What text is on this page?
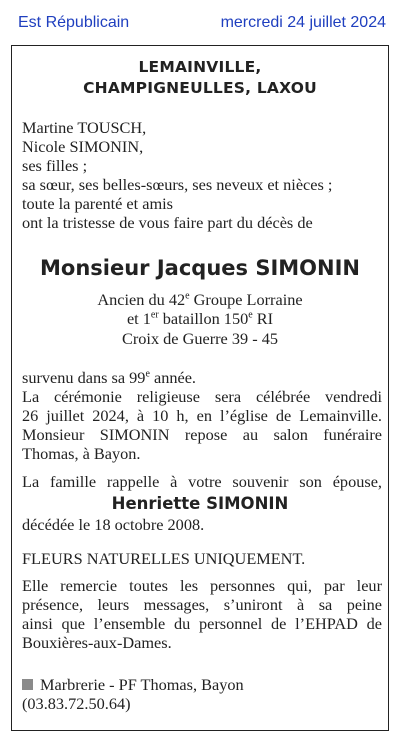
Est Républicain	mercredi 24 juillet 2024
LEMAINVILLE,
CHAMPIGNEULLES, LAXOU
Martine TOUSCH,
Nicole SIMONIN,
ses filles ;
sa sœur, ses belles-sœurs, ses neveux et nièces ;
toute la parenté et amis
ont la tristesse de vous faire part du décès de
Monsieur Jacques SIMONIN
Ancien du 42e Groupe Lorraine
et 1er bataillon 150e RI
Croix de Guerre 39 - 45
survenu dans sa 99e année.
La cérémonie religieuse sera célébrée vendredi
26 juillet 2024, à 10 h, en l’église de Lemainville.
Monsieur SIMONIN repose au salon funéraire
Thomas, à Bayon.
La famille rappelle à votre souvenir son épouse,
Henriette SIMONIN
décédée le 18 octobre 2008.
FLEURS NATURELLES UNIQUEMENT.
Elle remercie toutes les personnes qui, par leur
présence, leurs messages, s’uniront à sa peine
ainsi que l’ensemble du personnel de l’EHPAD de
Bouxières-aux-Dames.
Marbrerie - PF Thomas, Bayon
(03.83.72.50.64)
